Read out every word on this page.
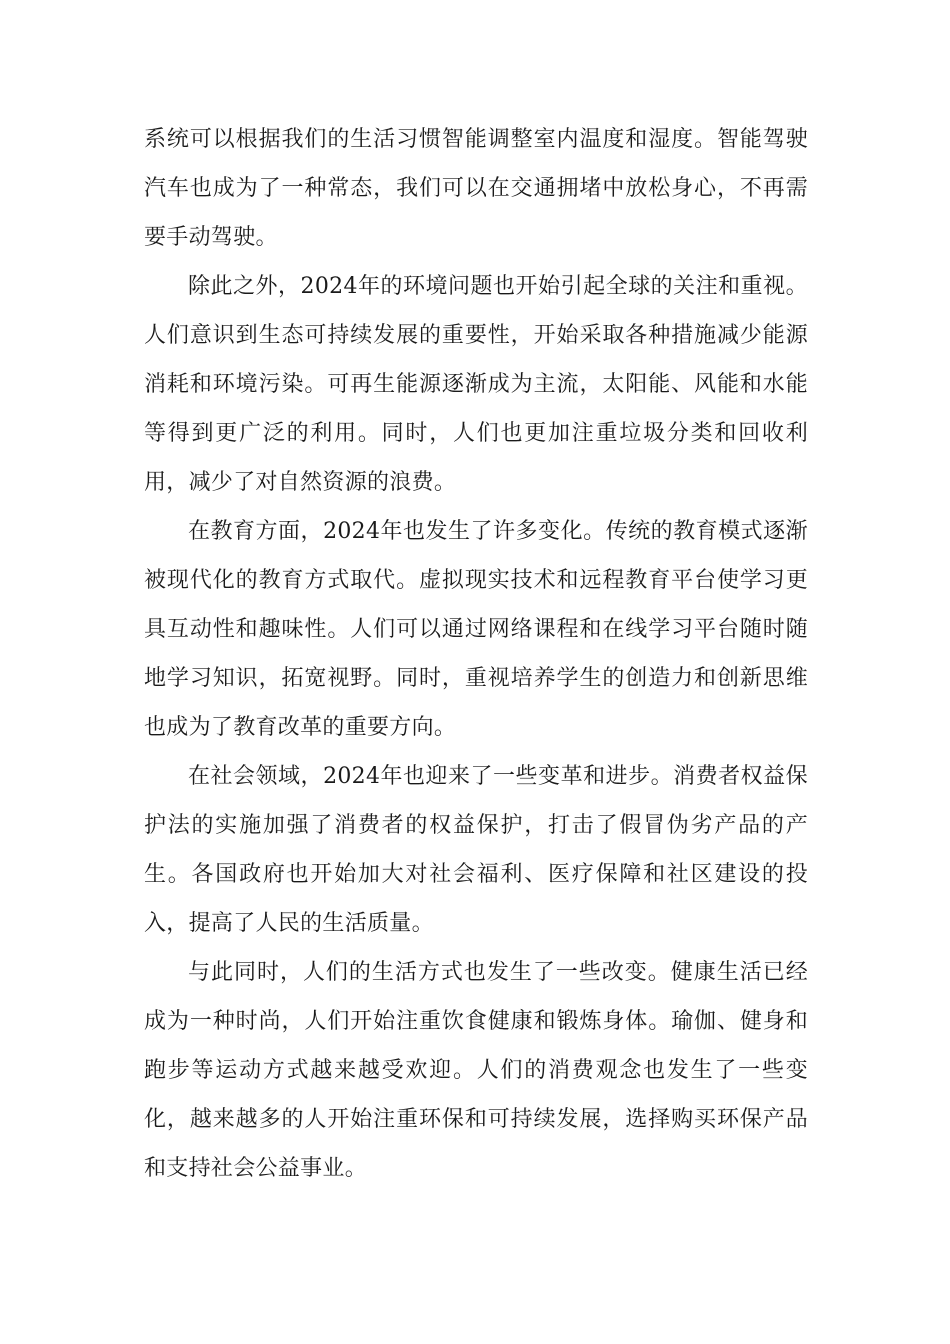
系统可以根据我们的生活习惯智能调整室内温度和湿度。智能驾驶汽车也成为了一种常态，我们可以在交通拥堵中放松身心，不再需要手动驾驶。

除此之外，2024年的环境问题也开始引起全球的关注和重视。人们意识到生态可持续发展的重要性，开始采取各种措施减少能源消耗和环境污染。可再生能源逐渐成为主流，太阳能、风能和水能等得到更广泛的利用。同时，人们也更加注重垃圾分类和回收利用，减少了对自然资源的浪费。

在教育方面，2024年也发生了许多变化。传统的教育模式逐渐被现代化的教育方式取代。虚拟现实技术和远程教育平台使学习更具互动性和趣味性。人们可以通过网络课程和在线学习平台随时随地学习知识，拓宽视野。同时，重视培养学生的创造力和创新思维也成为了教育改革的重要方向。

在社会领域，2024年也迎来了一些变革和进步。消费者权益保护法的实施加强了消费者的权益保护，打击了假冒伪劣产品的产生。各国政府也开始加大对社会福利、医疗保障和社区建设的投入，提高了人民的生活质量。

与此同时，人们的生活方式也发生了一些改变。健康生活已经成为一种时尚，人们开始注重饮食健康和锻炼身体。瑜伽、健身和跑步等运动方式越来越受欢迎。人们的消费观念也发生了一些变化，越来越多的人开始注重环保和可持续发展，选择购买环保产品和支持社会公益事业。
